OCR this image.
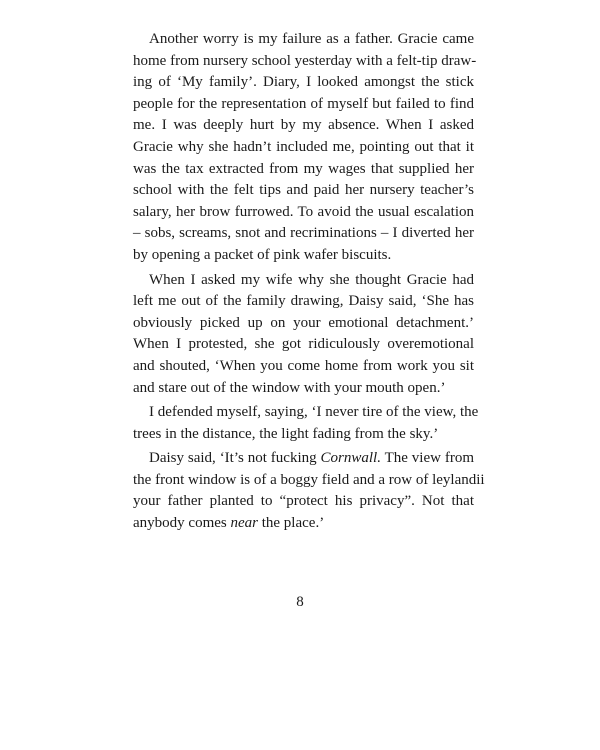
Another worry is my failure as a father. Gracie came
home from nursery school yesterday with a felt-tip draw-
ing of ‘My family’. Diary, I looked amongst the stick
people for the representation of myself but failed to find
me. I was deeply hurt by my absence. When I asked
Gracie why she hadn’t included me, pointing out that it
was the tax extracted from my wages that supplied her
school with the felt tips and paid her nursery teacher’s
salary, her brow furrowed. To avoid the usual escalation
– sobs, screams, snot and recriminations – I diverted her
by opening a packet of pink wafer biscuits.
When I asked my wife why she thought Gracie had
left me out of the family drawing, Daisy said, ‘She has
obviously picked up on your emotional detachment.’
When I protested, she got ridiculously overemotional
and shouted, ‘When you come home from work you sit
and stare out of the window with your mouth open.’
I defended myself, saying, ‘I never tire of the view, the
trees in the distance, the light fading from the sky.’
Daisy said, ‘It’s not fucking Cornwall. The view from
the front window is of a boggy field and a row of leylandii
your father planted to “protect his privacy”. Not that
anybody comes near the place.’
8
